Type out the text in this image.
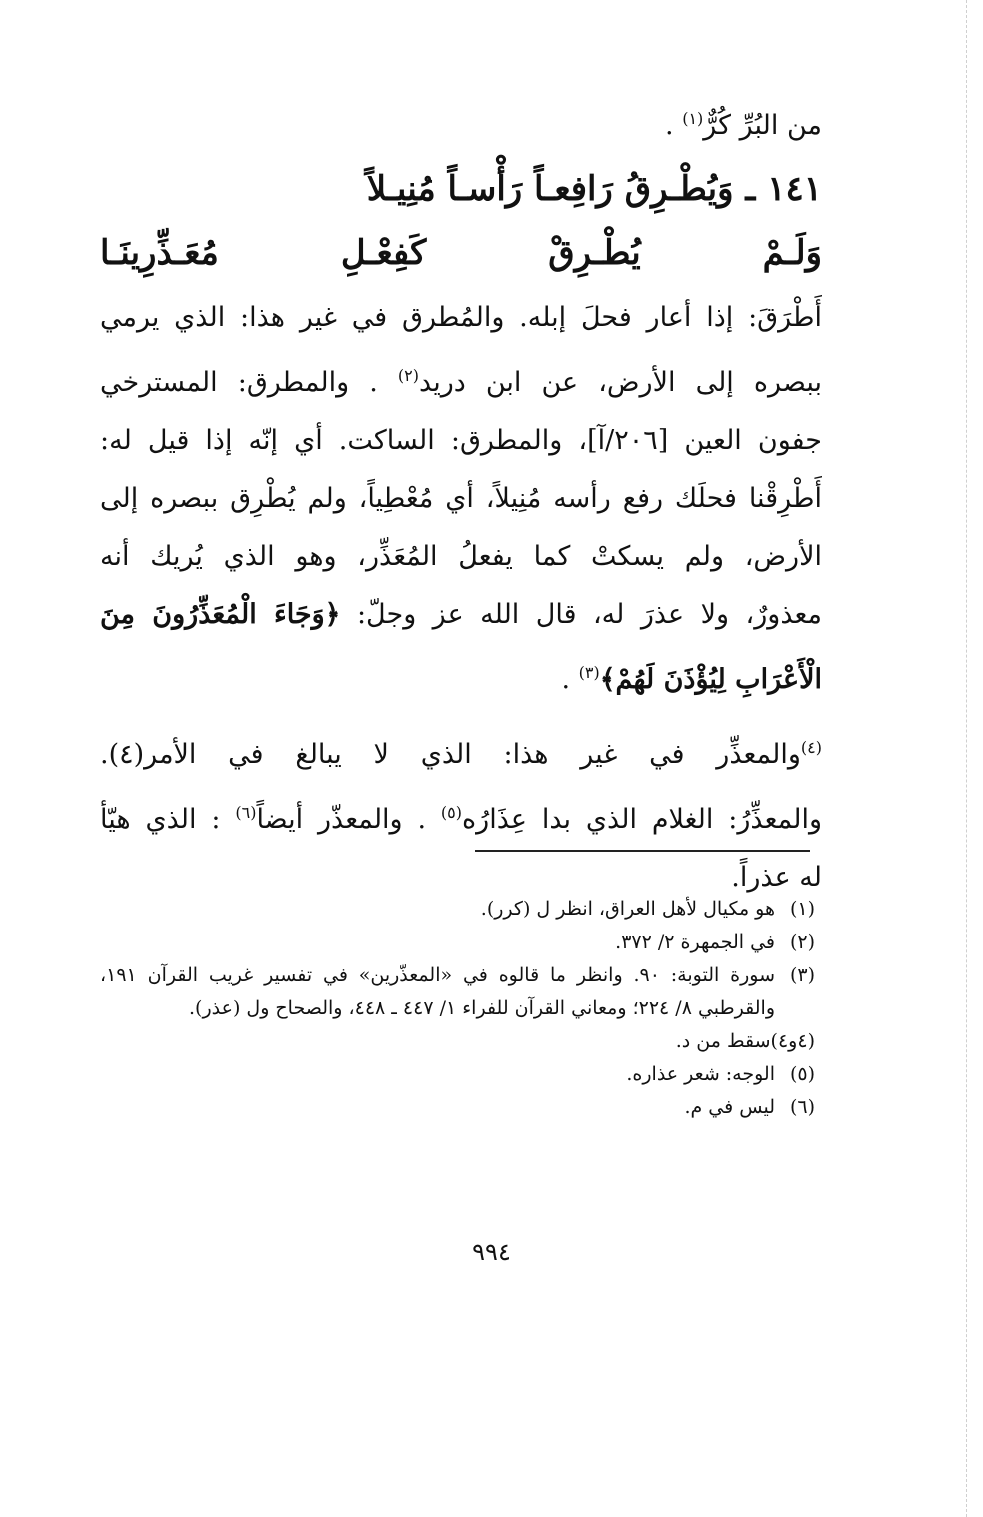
من البُرِّ كُرٌّ$^{(١)}$ .
١٤١ ـ وَيُطْـرِقُ رَافِعـاً رَأْسـاً مُنِيـلاً
وَلَـمْ يُطْـرِقْ كَفِعْـلِ مُعَـذِّرِينَـا
أَطْرَقَ: إذا أعار فحلَ إبله. والمُطرق في غير هذا: الذي يرمي
ببصره إلى الأرض، عن ابن دريد$^{(٢)}$ . والمطرق: المسترخي
جفون العين [٢٠٦/آ]، والمطرق: الساكت. أي إنّه إذا قيل له:
أَطْرِقْنا فحلَك رفع رأسه مُنِيلاً، أي مُعْطِياً، ولم يُطْرِق ببصره إلى
الأرض، ولم يسكتْ كما يفعلُ المُعَذِّر، وهو الذي يُريك أنه
معذورٌ، ولا عذرَ له، قال الله عز وجلّ: ﴿وَجَاءَ الْمُعَذِّرُونَ مِنَ
الْأَعْرَابِ لِيُؤْذَنَ لَهُمْ﴾$^{(٣)}$ .
$^{(٤)}$والمعذِّر في غير هذا: الذي لا يبالغ في الأمر(٤).
والمعذِّرُ: الغلام الذي بدا عِذَارُه$^{(٥)}$ . والمعذّر أيضاً$^{(٦)}$ : الذي هيّأ
له عذراً.
(١)
هو مكيال لأهل العراق، انظر ل (كرر).
(٢)
في الجمهرة ٢/ ٣٧٢.
(٣)
سورة التوبة: ٩٠. وانظر ما قالوه في «المعذّرين» في تفسير غريب القرآن ١٩١، والقرطبي ٨/ ٢٢٤؛ ومعاني القرآن للفراء ١/ ٤٤٧ ـ ٤٤٨، والصحاح ول (عذر).
(٤و٤)
سقط من د.
(٥)
الوجه: شعر عذاره.
(٦)
ليس في م.
٩٩٤
